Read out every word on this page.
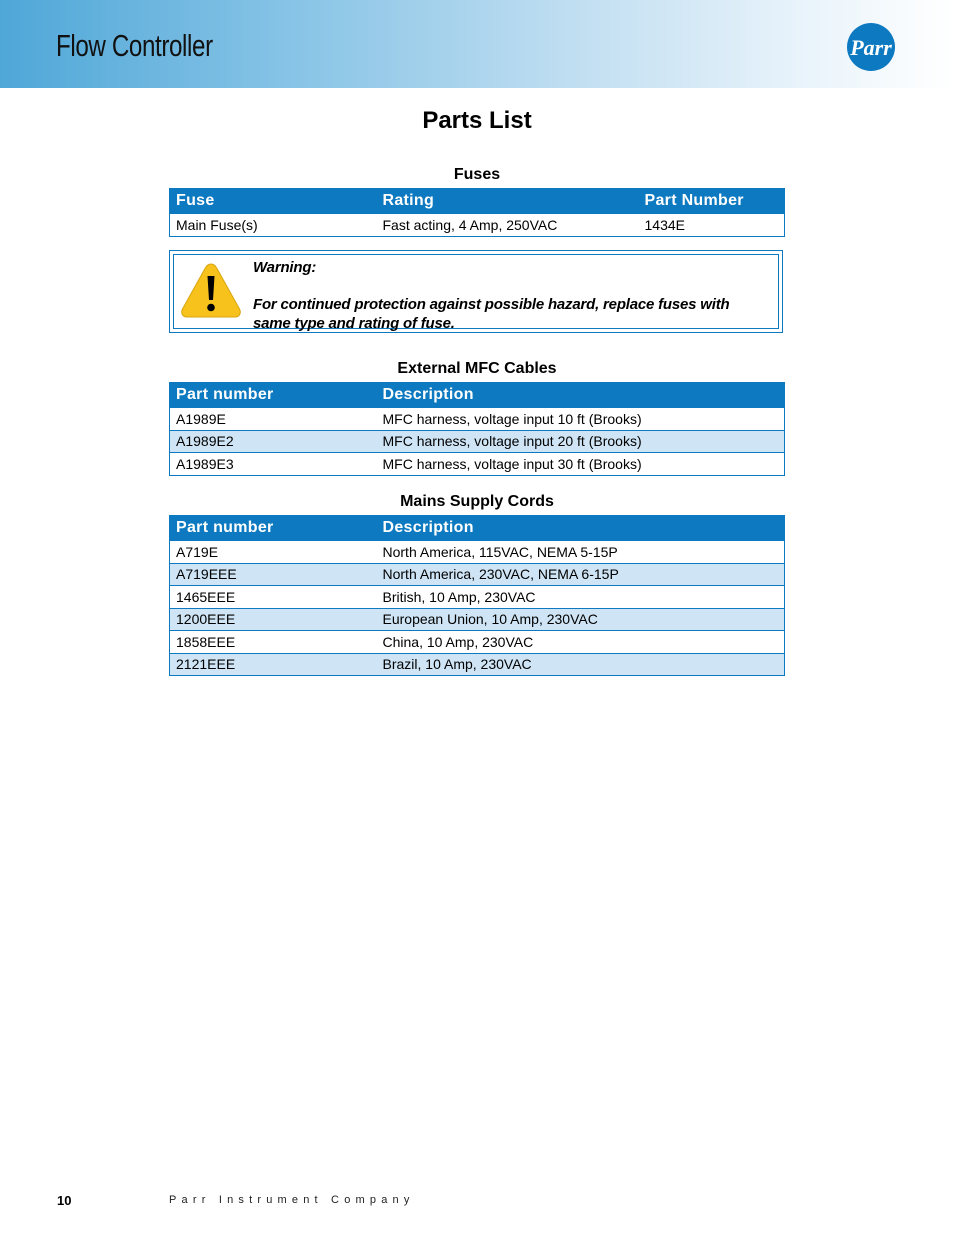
Flow Controller	Parr
Parts List
Fuses
Fuse	Rating	Part Number
Main Fuse(s)	Fast acting, 4 Amp, 250VAC	1434E
Warning:
For continued protection against possible hazard, replace fuses with same type and rating of fuse.
External MFC Cables
Part number	Description
A1989E	MFC harness, voltage input 10 ft (Brooks)
A1989E2	MFC harness, voltage input 20 ft (Brooks)
A1989E3	MFC harness, voltage input 30 ft (Brooks)
Mains Supply Cords
Part number	Description
A719E	North America, 115VAC, NEMA 5-15P
A719EEE	North America, 230VAC, NEMA 6-15P
1465EEE	British, 10 Amp, 230VAC
1200EEE	European Union, 10 Amp, 230VAC
1858EEE	China, 10 Amp, 230VAC
2121EEE	Brazil, 10 Amp, 230VAC
10	Parr Instrument Company
